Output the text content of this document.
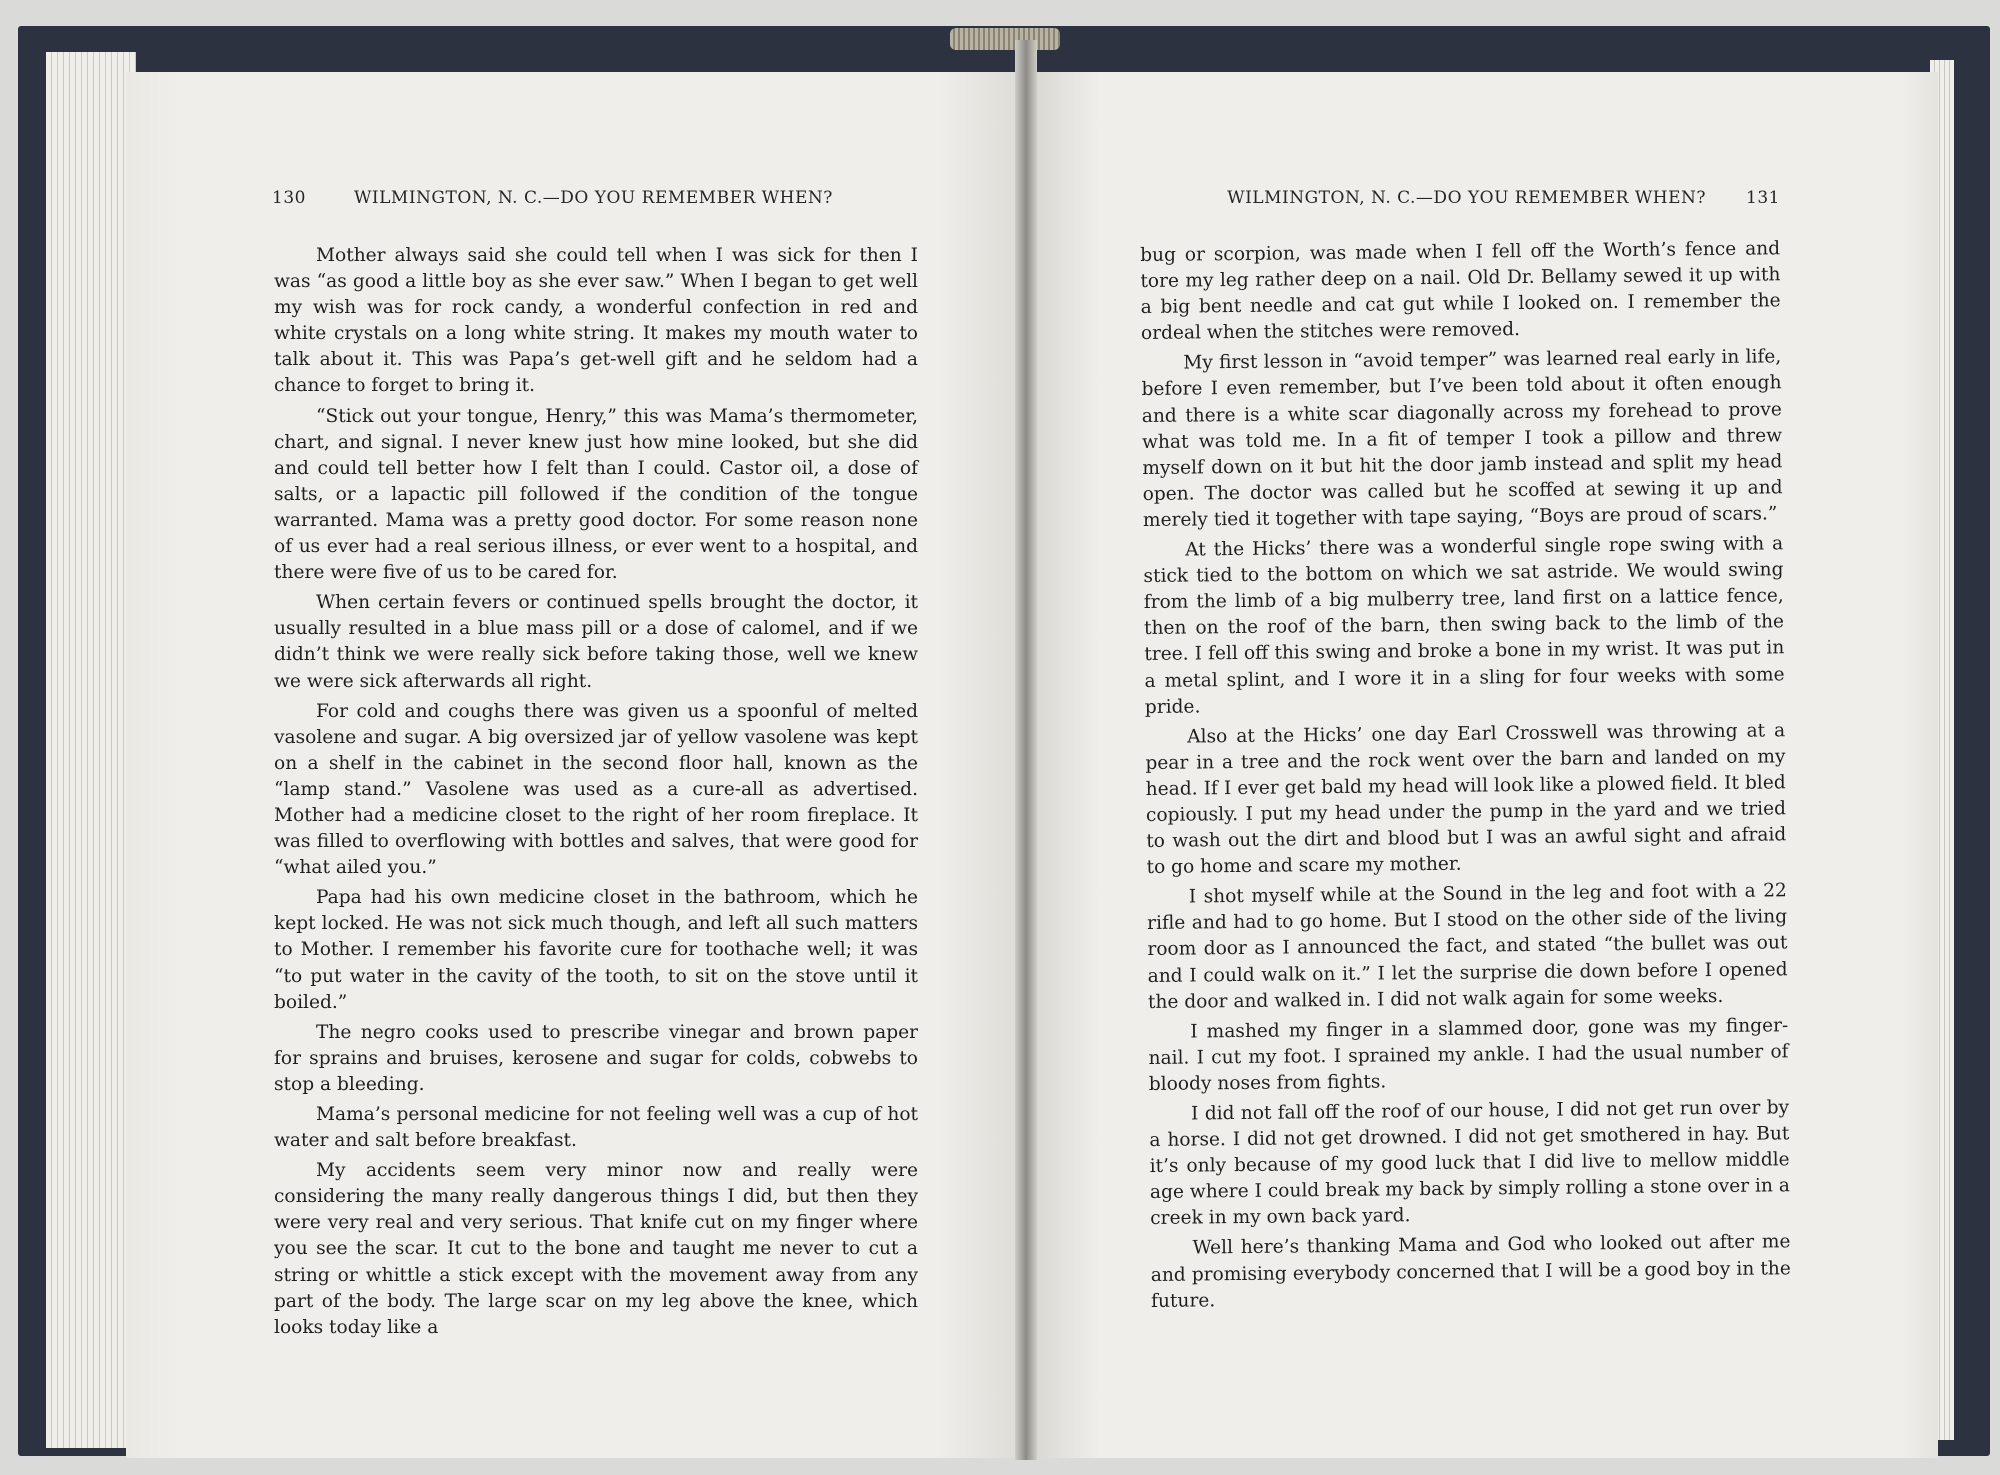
130	WILMINGTON, N. C.—DO YOU REMEMBER WHEN?	WILMINGTON, N. C.—DO YOU REMEMBER WHEN? 131

Mother always said she could tell when I was sick for then I was “as good a little boy as she ever saw.” When I began to get well my wish was for rock candy, a wonderful confection in red and white crystals on a long white string. It makes my mouth water to talk about it. This was Papa’s get-well gift and he seldom had a chance to forget to bring it.

“Stick out your tongue, Henry,” this was Mama’s thermometer, chart, and signal. I never knew just how mine looked, but she did and could tell better how I felt than I could. Castor oil, a dose of salts, or a lapactic pill followed if the condition of the tongue warranted. Mama was a pretty good doctor. For some reason none of us ever had a real serious illness, or ever went to a hospital, and there were five of us to be cared for.

When certain fevers or continued spells brought the doctor, it usually resulted in a blue mass pill or a dose of calomel, and if we didn’t think we were really sick before taking those, well we knew we were sick afterwards all right.

For cold and coughs there was given us a spoonful of melted vasolene and sugar. A big oversized jar of yellow vasolene was kept on a shelf in the cabinet in the second floor hall, known as the “lamp stand.” Vasolene was used as a cure-all as advertised. Mother had a medicine closet to the right of her room fireplace. It was filled to overflowing with bottles and salves, that were good for “what ailed you.”

Papa had his own medicine closet in the bathroom, which he kept locked. He was not sick much though, and left all such matters to Mother. I remember his favorite cure for toothache well; it was “to put water in the cavity of the tooth, to sit on the stove until it boiled.”

The negro cooks used to prescribe vinegar and brown paper for sprains and bruises, kerosene and sugar for colds, cobwebs to stop a bleeding.

Mama’s personal medicine for not feeling well was a cup of hot water and salt before breakfast.

My accidents seem very minor now and really were considering the many really dangerous things I did, but then they were very real and very serious. That knife cut on my finger where you see the scar. It cut to the bone and taught me never to cut a string or whittle a stick except with the movement away from any part of the body. The large scar on my leg above the knee, which looks today like a

bug or scorpion, was made when I fell off the Worth’s fence and tore my leg rather deep on a nail. Old Dr. Bellamy sewed it up with a big bent needle and cat gut while I looked on. I remember the ordeal when the stitches were removed.

My first lesson in “avoid temper” was learned real early in life, before I even remember, but I’ve been told about it often enough and there is a white scar diagonally across my forehead to prove what was told me. In a fit of temper I took a pillow and threw myself down on it but hit the door jamb instead and split my head open. The doctor was called but he scoffed at sewing it up and merely tied it together with tape saying, “Boys are proud of scars.”

At the Hicks’ there was a wonderful single rope swing with a stick tied to the bottom on which we sat astride. We would swing from the limb of a big mulberry tree, land first on a lattice fence, then on the roof of the barn, then swing back to the limb of the tree. I fell off this swing and broke a bone in my wrist. It was put in a metal splint, and I wore it in a sling for four weeks with some pride.

Also at the Hicks’ one day Earl Crosswell was throwing at a pear in a tree and the rock went over the barn and landed on my head. If I ever get bald my head will look like a plowed field. It bled copiously. I put my head under the pump in the yard and we tried to wash out the dirt and blood but I was an awful sight and afraid to go home and scare my mother.

I shot myself while at the Sound in the leg and foot with a 22 rifle and had to go home. But I stood on the other side of the living room door as I announced the fact, and stated “the bullet was out and I could walk on it.” I let the surprise die down before I opened the door and walked in. I did not walk again for some weeks.

I mashed my finger in a slammed door, gone was my finger-nail. I cut my foot. I sprained my ankle. I had the usual number of bloody noses from fights.

I did not fall off the roof of our house, I did not get run over by a horse. I did not get drowned. I did not get smothered in hay. But it’s only because of my good luck that I did live to mellow middle age where I could break my back by simply rolling a stone over in a creek in my own back yard.

Well here’s thanking Mama and God who looked out after me and promising everybody concerned that I will be a good boy in the future.
